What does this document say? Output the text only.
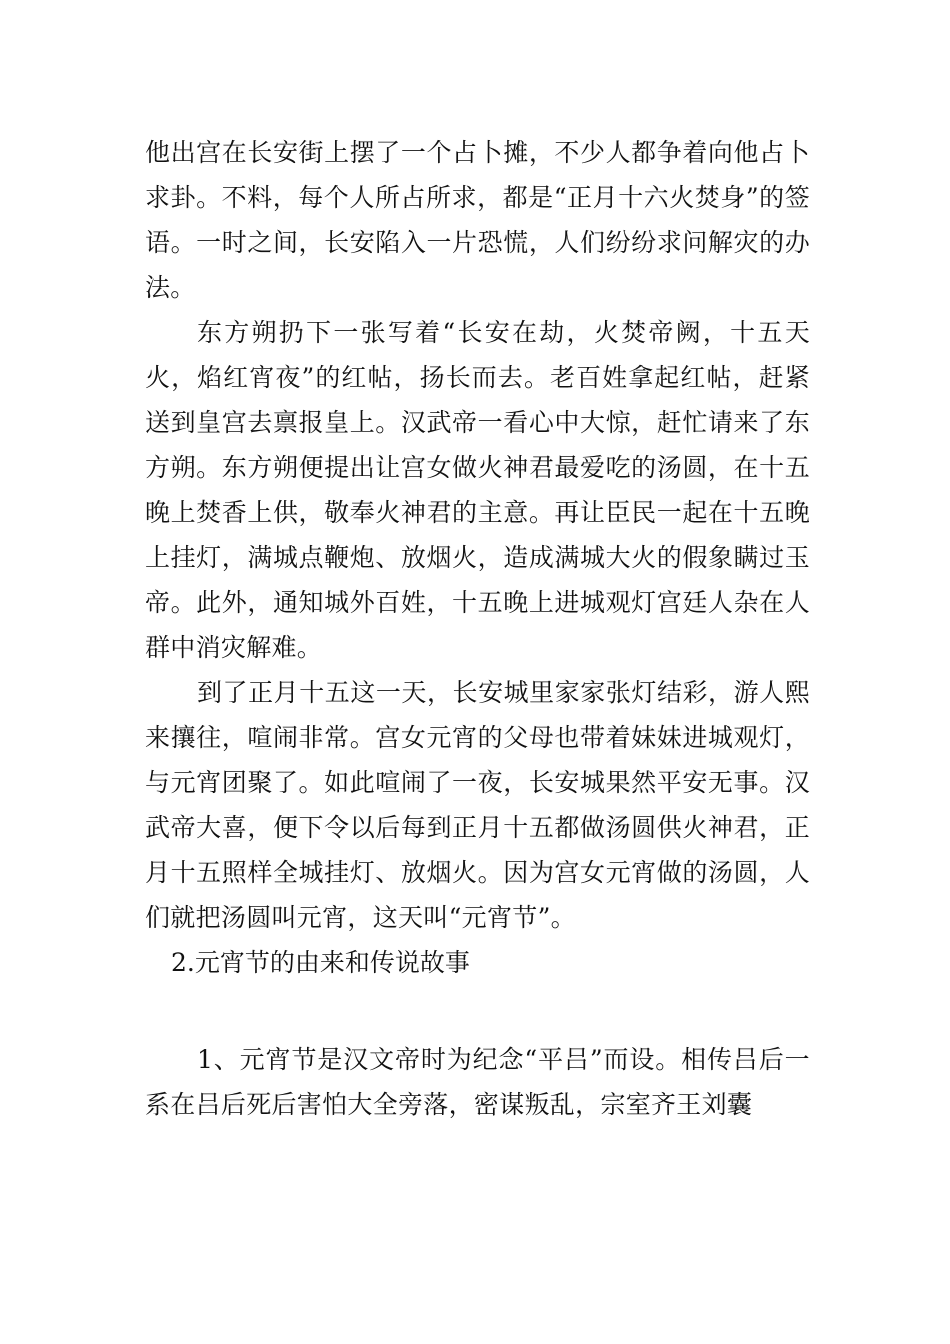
他出宫在长安街上摆了一个占卜摊，不少人都争着向他占卜求卦。不料，每个人所占所求，都是“正月十六火焚身”的签语。一时之间，长安陷入一片恐慌，人们纷纷求问解灾的办法。

东方朔扔下一张写着“长安在劫，火焚帝阙，十五天火，焰红宵夜”的红帖，扬长而去。老百姓拿起红帖，赶紧送到皇宫去禀报皇上。汉武帝一看心中大惊，赶忙请来了东方朔。东方朔便提出让宫女做火神君最爱吃的汤圆，在十五晚上焚香上供，敬奉火神君的主意。再让臣民一起在十五晚上挂灯，满城点鞭炮、放烟火，造成满城大火的假象瞒过玉帝。此外，通知城外百姓，十五晚上进城观灯宫廷人杂在人群中消灾解难。

到了正月十五这一天，长安城里家家张灯结彩，游人熙来攘往，喧闹非常。宫女元宵的父母也带着妹妹进城观灯，与元宵团聚了。如此喧闹了一夜，长安城果然平安无事。汉武帝大喜，便下令以后每到正月十五都做汤圆供火神君，正月十五照样全城挂灯、放烟火。因为宫女元宵做的汤圆，人们就把汤圆叫元宵，这天叫“元宵节”。

2.元宵节的由来和传说故事

1、元宵节是汉文帝时为纪念“平吕”而设。相传吕后一系在吕后死后害怕大全旁落，密谋叛乱，宗室齐王刘囊
